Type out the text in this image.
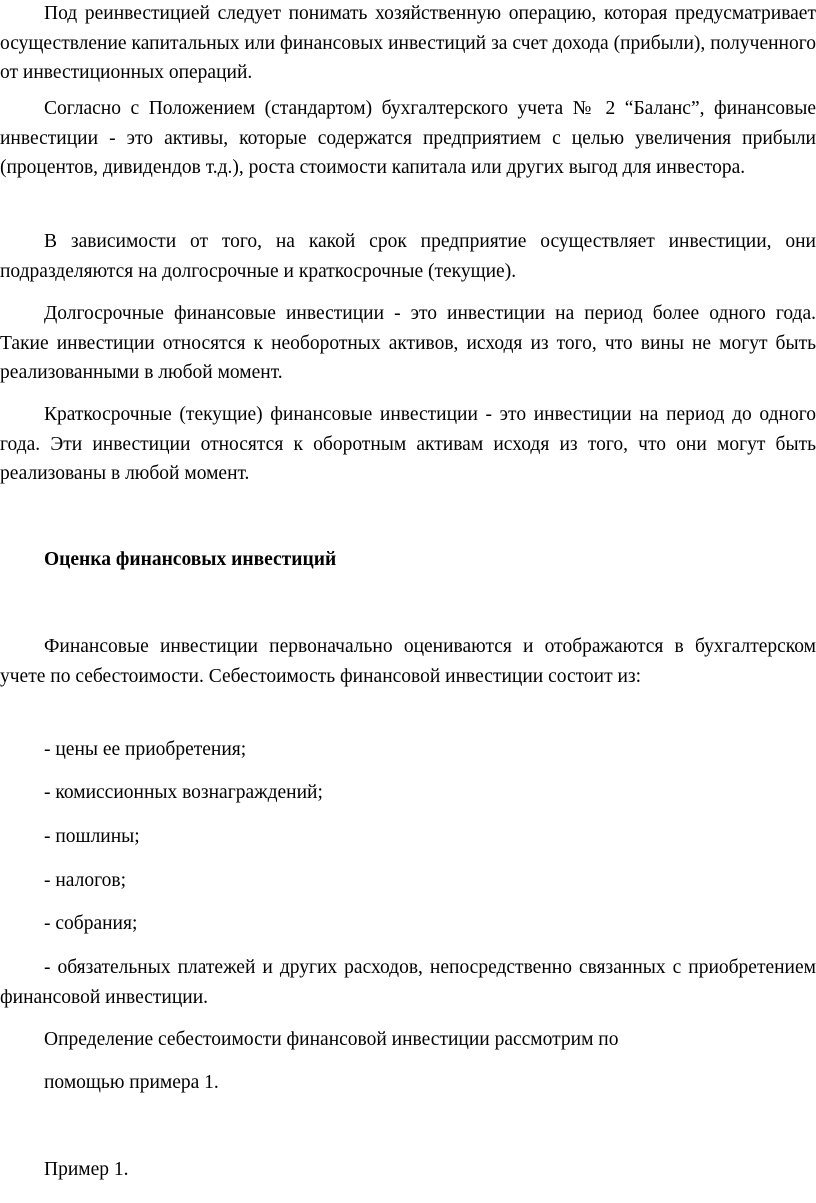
Под реинвестицией следует понимать хозяйственную операцию, которая предусматривает осуществление капитальных или финансовых инвестиций за счет дохода (прибыли), полученного от инвестиционных операций.

Согласно с Положением (стандартом) бухгалтерского учета № 2 “Баланс”, финансовые инвестиции - это активы, которые содержатся предприятием с целью увеличения прибыли (процентов, дивидендов т.д.), роста стоимости капитала или других выгод для инвестора.

В зависимости от того, на какой срок предприятие осуществляет инвестиции, они подразделяются на долгосрочные и краткосрочные (текущие).

Долгосрочные финансовые инвестиции - это инвестиции на период более одного года. Такие инвестиции относятся к необоротных активов, исходя из того, что вины не могут быть реализованными в любой момент.

Краткосрочные (текущие) финансовые инвестиции - это инвестиции на период до одного года. Эти инвестиции относятся к оборотным активам исходя из того, что они могут быть реализованы в любой момент.

Оценка финансовых инвестиций

Финансовые инвестиции первоначально оцениваются и отображаются в бухгалтерском учете по себестоимости. Себестоимость финансовой инвестиции состоит из:

- цены ее приобретения;

- комиссионных вознаграждений;

- пошлины;

- налогов;

- собрания;

- обязательных платежей и других расходов, непосредственно связанных с приобретением финансовой инвестиции.

Определение себестоимости финансовой инвестиции рассмотрим по

помощью примера 1.

Пример 1.
